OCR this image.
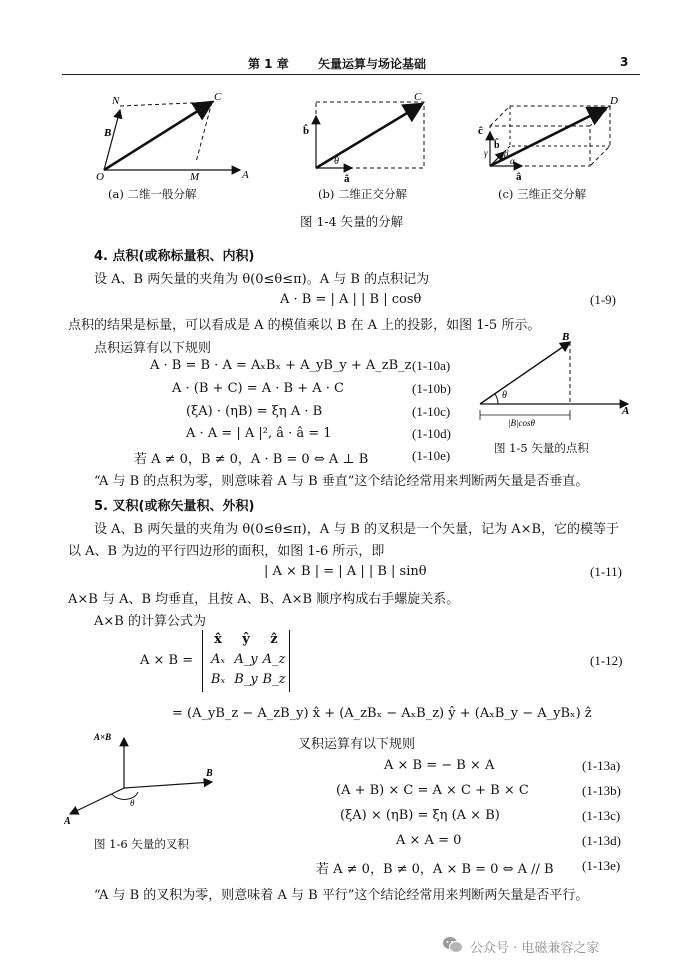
第 1 章 矢量运算与场论基础	3
N	C
B
O	M	A
C
b̂
θ
â
D
ĉ
b̂
γ β
α
â
(a) 二维一般分解	(b) 二维正交分解	(c) 三维正交分解
图 1-4 矢量的分解
4. 点积(或称标量积、内积)
设 A、B 两矢量的夹角为 θ(0≤θ≤π)。A 与 B 的点积记为
A · B = | A | | B | cosθ	(1-9)
点积的结果是标量，可以看成是 A 的模值乘以 B 在 A 上的投影，如图 1-5 所示。
点积运算有以下规则
A · B = B · A = AₓBₓ + A_yB_y + A_zB_z (1-10a)
A · (B + C) = A · B + A · C	(1-10b)
(ξA) · (ηB) = ξη A · B	(1-10c)
A · A = | A |², â · â = 1	(1-10d)
若 A ≠ 0，B ≠ 0，A · B = 0 ⇔ A ⊥ B	(1-10e)
B
θ
|B|cosθ
A
图 1-5 矢量的点积
“A 与 B 的点积为零，则意味着 A 与 B 垂直”这个结论经常用来判断两矢量是否垂直。
5. 叉积(或称矢量积、外积)
设 A、B 两矢量的夹角为 θ(0≤θ≤π)，A 与 B 的叉积是一个矢量，记为 A×B，它的模等于
以 A、B 为边的平行四边形的面积，如图 1-6 所示，即
| A × B | = | A | | B | sinθ	(1-11)
A×B 与 A、B 均垂直，且按 A、B、A×B 顺序构成右手螺旋关系。
A×B 的计算公式为
A × B =
x̂	ŷ	ẑ
Aₓ A_y A_z
Bₓ B_y B_z
(1-12)
= (A_yB_z − A_zB_y) x̂ + (A_zBₓ − AₓB_z) ŷ + (AₓB_y − A_yBₓ) ẑ
A×B
B
A
θ
图 1-6 矢量的叉积
叉积运算有以下规则
A × B = − B × A	(1-13a)
(A + B) × C = A × C + B × C	(1-13b)
(ξA) × (ηB) = ξη (A × B)	(1-13c)
A × A = 0	(1-13d)
若 A ≠ 0，B ≠ 0，A × B = 0 ⇔ A // B (1-13e)
“A 与 B 的叉积为零，则意味着 A 与 B 平行”这个结论经常用来判断两矢量是否平行。
公众号 · 电磁兼容之家
